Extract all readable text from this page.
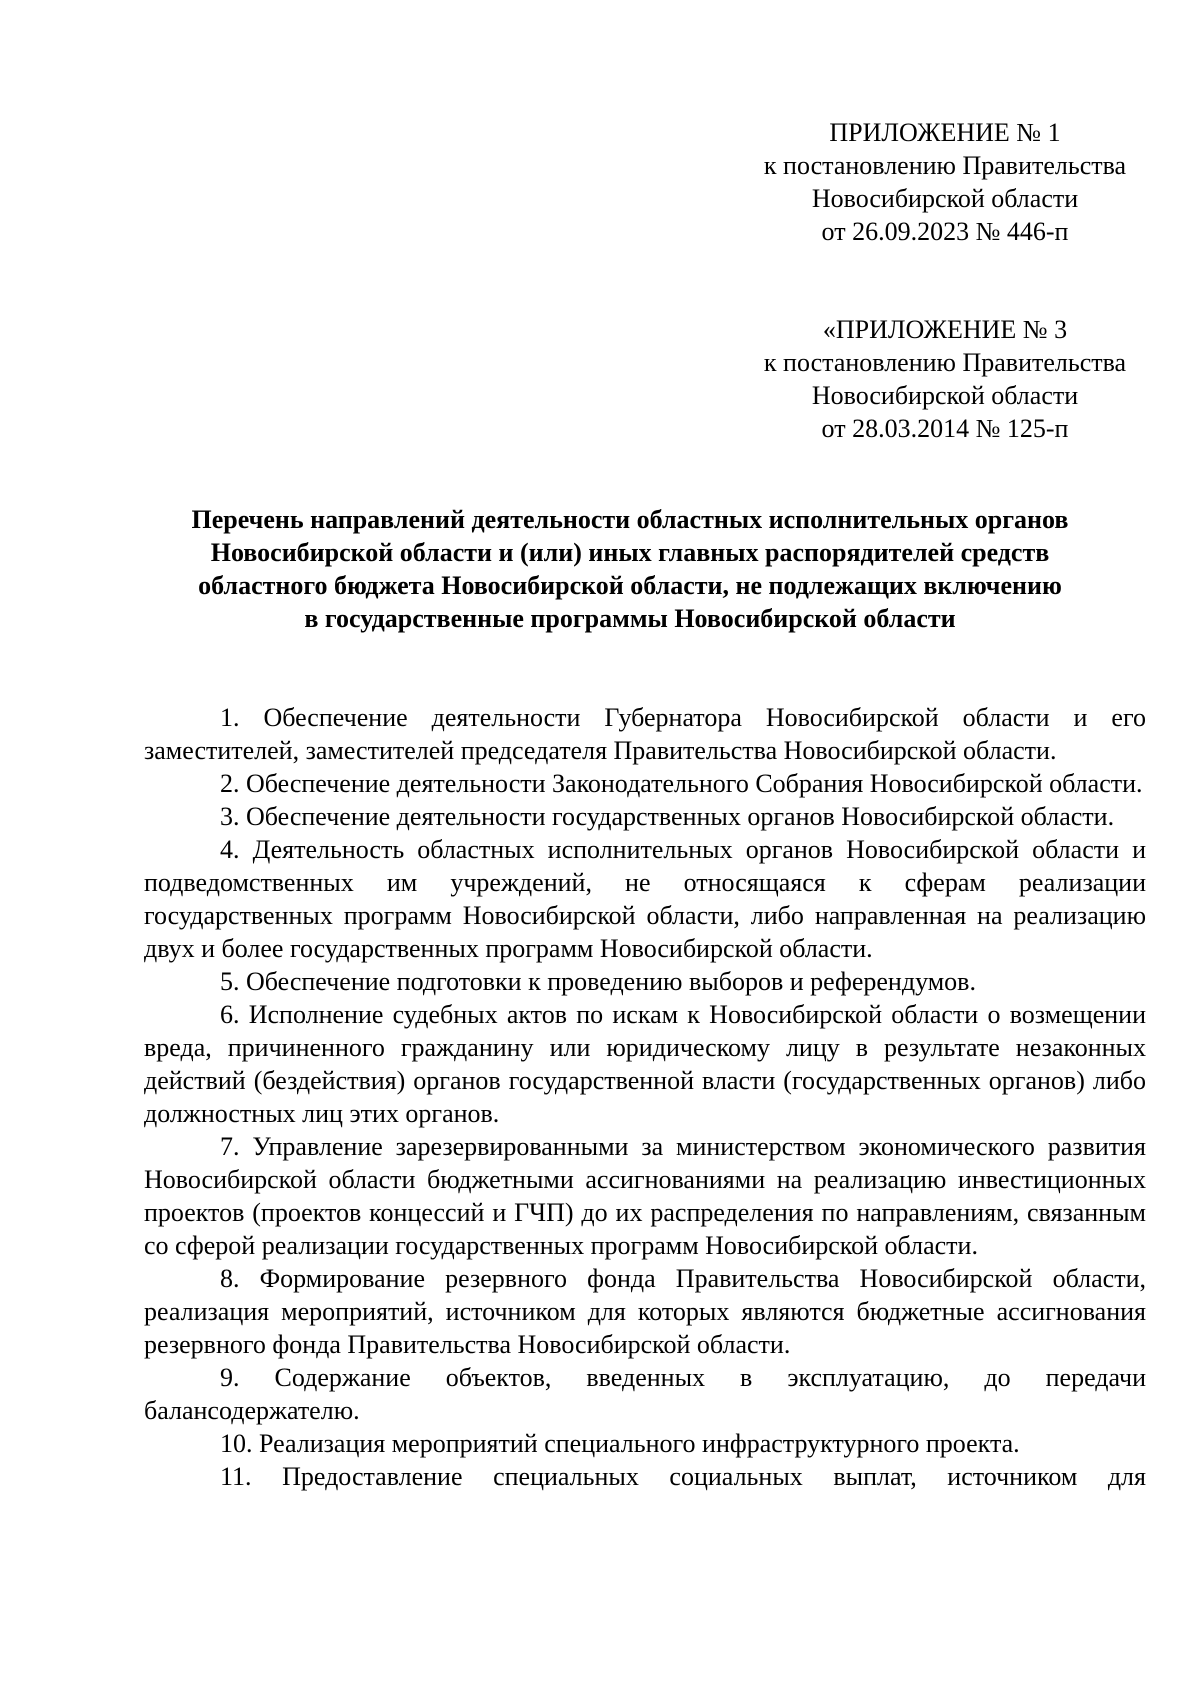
ПРИЛОЖЕНИЕ № 1
к постановлению Правительства
Новосибирской области
от 26.09.2023 № 446-п
«ПРИЛОЖЕНИЕ № 3
к постановлению Правительства
Новосибирской области
от 28.03.2014 № 125-п
Перечень направлений деятельности областных исполнительных органов
Новосибирской области и (или) иных главных распорядителей средств
областного бюджета Новосибирской области, не подлежащих включению
в государственные программы Новосибирской области

1. Обеспечение деятельности Губернатора Новосибирской области и его заместителей, заместителей председателя Правительства Новосибирской области.

2. Обеспечение деятельности Законодательного Собрания Новосибирской области.

3. Обеспечение деятельности государственных органов Новосибирской области.

4. Деятельность областных исполнительных органов Новосибирской области и подведомственных им учреждений, не относящаяся к сферам реализации государственных программ Новосибирской области, либо направленная на реализацию двух и более государственных программ Новосибирской области.

5. Обеспечение подготовки к проведению выборов и референдумов.

6. Исполнение судебных актов по искам к Новосибирской области о возмещении вреда, причиненного гражданину или юридическому лицу в результате незаконных действий (бездействия) органов государственной власти (государственных органов) либо должностных лиц этих органов.

7. Управление зарезервированными за министерством экономического развития Новосибирской области бюджетными ассигнованиями на реализацию инвестиционных проектов (проектов концессий и ГЧП) до их распределения по направлениям, связанным со сферой реализации государственных программ Новосибирской области.

8. Формирование резервного фонда Правительства Новосибирской области, реализация мероприятий, источником для которых являются бюджетные ассигнования резервного фонда Правительства Новосибирской области.

9. Содержание объектов, введенных в эксплуатацию, до передачи балансодержателю.

10. Реализация мероприятий специального инфраструктурного проекта.

11. Предоставление специальных социальных выплат, источником для
